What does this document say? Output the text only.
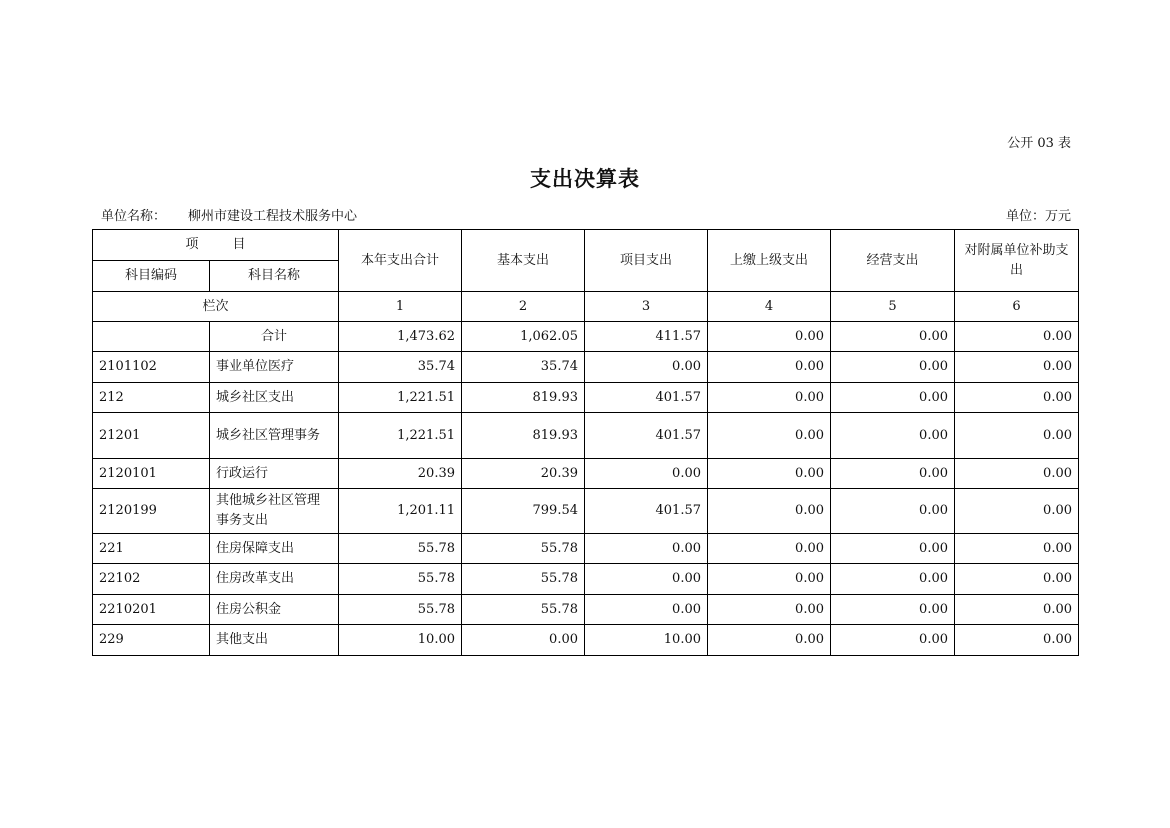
公开 03 表
支出决算表
单位名称： 柳州市建设工程技术服务中心	单位：万元
项 目		本年支出合计	基本支出	项目支出	上缴上级支出	经营支出	对附属单位补助支出
科目编码	科目名称						
栏次		1	2	3	4	5	6
	合计	1,473.62	1,062.05	411.57	0.00	0.00	0.00
2101102	事业单位医疗	35.74	35.74	0.00	0.00	0.00	0.00
212	城乡社区支出	1,221.51	819.93	401.57	0.00	0.00	0.00
21201	城乡社区管理事务	1,221.51	819.93	401.57	0.00	0.00	0.00
2120101	行政运行	20.39	20.39	0.00	0.00	0.00	0.00
2120199	其他城乡社区管理事务支出	1,201.11	799.54	401.57	0.00	0.00	0.00
221	住房保障支出	55.78	55.78	0.00	0.00	0.00	0.00
22102	住房改革支出	55.78	55.78	0.00	0.00	0.00	0.00
2210201	住房公积金	55.78	55.78	0.00	0.00	0.00	0.00
229	其他支出	10.00	0.00	10.00	0.00	0.00	0.00
